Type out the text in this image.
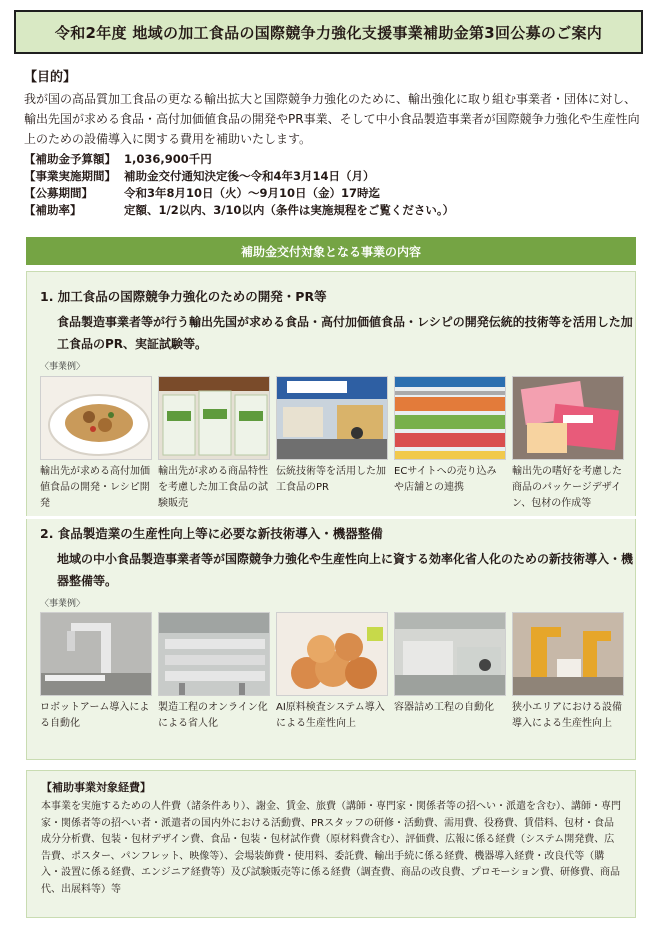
令和2年度 地域の加工食品の国際競争力強化支援事業補助金第3回公募のご案内
【目的】
我が国の高品質加工食品の更なる輸出拡大と国際競争力強化のために、輸出強化に取り組む事業者・団体に対し、輸出先国が求める食品・高付加価値食品の開発やPR事業、そして中小食品製造事業者が国際競争力強化や生産性向上のための設備導入に関する費用を補助いたします。
【補助金予算額】 1,036,900千円
【事業実施期間】 補助金交付通知決定後～令和4年3月14日（月）
【公募期間】	令和3年8月10日（火）～9月10日（金）17時迄
【補助率】	定額、1/2以内、3/10以内（条件は実施規程をご覧ください。）
補助金交付対象となる事業の内容
1. 加工食品の国際競争力強化のための開発・PR等
食品製造事業者等が行う輸出先国が求める食品・高付加価値食品・レシピの開発伝統的技術等を活用した加工食品のPR、実証試験等。
〈事業例〉
輸出先が求める高付加価値食品の開発・レシピ開発
輸出先が求める商品特性を考慮した加工食品の試験販売
伝統技術等を活用した加工食品のPR
ECサイトへの売り込みや店舗との連携
輸出先の嗜好を考慮した商品のパッケージデザイン、包材の作成等
2. 食品製造業の生産性向上等に必要な新技術導入・機器整備
地域の中小食品製造事業者等が国際競争力強化や生産性向上に資する効率化省人化のための新技術導入・機器整備等。
〈事業例〉
ロボットアーム導入による自動化
製造工程のオンライン化による省人化
AI原料検査システム導入による生産性向上
容器詰め工程の自動化	狭小エリアにおける設備導入による生産性向上
【補助事業対象経費】
本事業を実施するための人件費（諸条件あり）、謝金、賃金、旅費（講師・専門家・関係者等の招へい・派遣を含む）、講師・専門家・関係者等の招へい者・派遣者の国内外における活動費、PRスタッフの研修・活動費、需用費、役務費、賃借料、包材・食品成分分析費、包装・包材デザイン費、食品・包装・包材試作費（原材料費含む）、評価費、広報に係る経費（システム開発費、広告費、ポスター、パンフレット、映像等）、会場装飾費・使用料、委託費、輸出手続に係る経費、機器導入経費・改良代等（購入・設置に係る経費、エンジニア経費等）及び試験販売等に係る経費（調査費、商品の改良費、プロモーション費、研修費、商品代、出展料等）等
